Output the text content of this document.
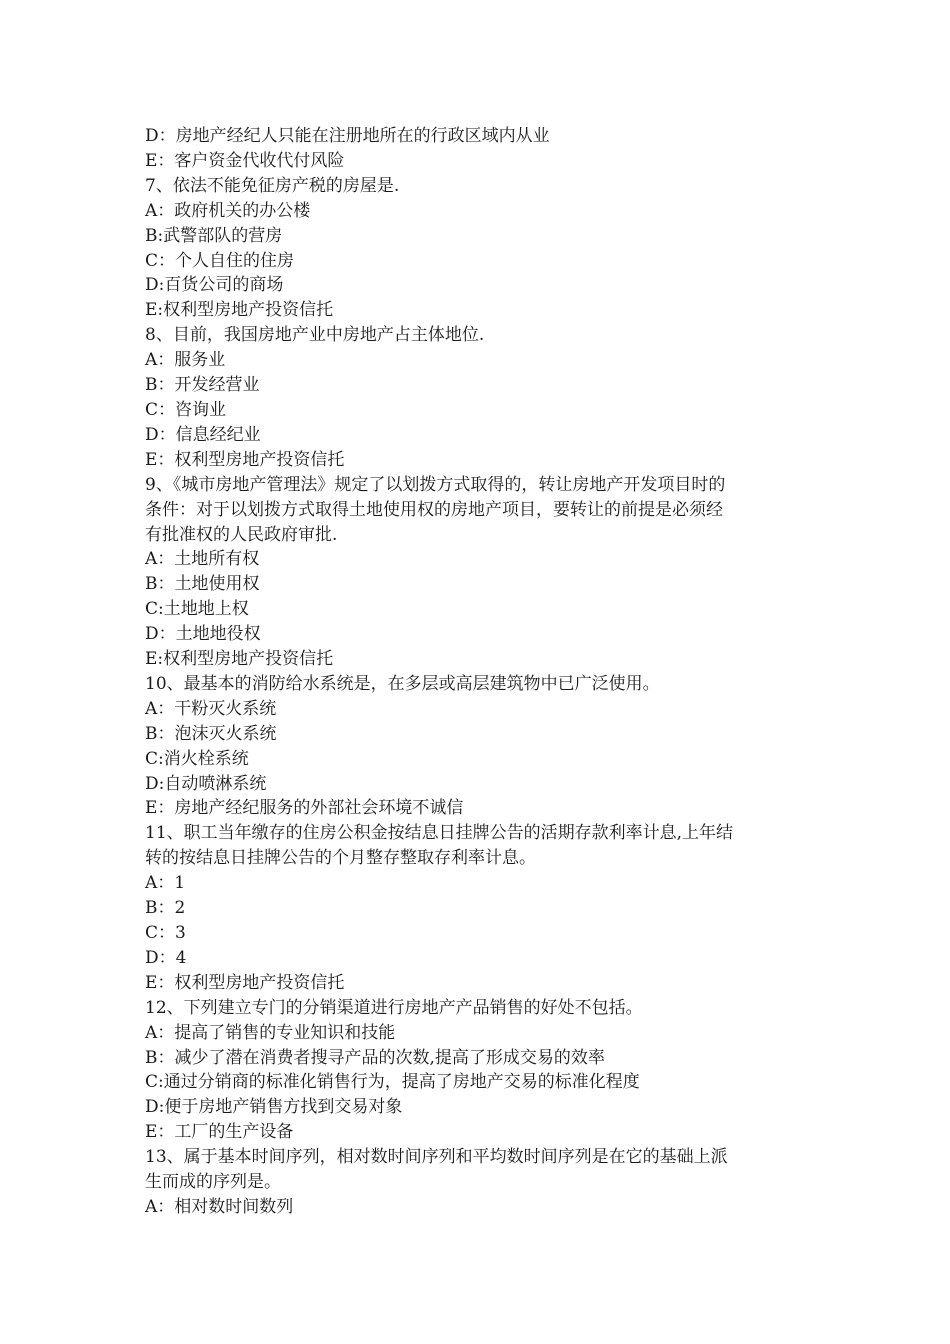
D：房地产经纪人只能在注册地所在的行政区域内从业

E：客户资金代收代付风险

7、依法不能免征房产税的房屋是.

A：政府机关的办公楼

B:武警部队的营房

C：个人自住的住房

D:百货公司的商场

E:权利型房地产投资信托

8、目前，我国房地产业中房地产占主体地位.

A：服务业

B：开发经营业

C：咨询业

D：信息经纪业

E：权利型房地产投资信托

9、《城市房地产管理法》规定了以划拨方式取得的，转让房地产开发项目时的

条件：对于以划拨方式取得土地使用权的房地产项目，要转让的前提是必须经

有批准权的人民政府审批.

A：土地所有权

B：土地使用权

C:土地地上权

D：土地地役权

E:权利型房地产投资信托

10、最基本的消防给水系统是，在多层或高层建筑物中已广泛使用。

A：干粉灭火系统

B：泡沫灭火系统

C:消火栓系统

D:自动喷淋系统

E：房地产经纪服务的外部社会环境不诚信

11、职工当年缴存的住房公积金按结息日挂牌公告的活期存款利率计息,上年结

转的按结息日挂牌公告的个月整存整取存利率计息。

A：1

B：2

C：3

D：4

E：权利型房地产投资信托

12、下列建立专门的分销渠道进行房地产产品销售的好处不包括。

A：提高了销售的专业知识和技能

B：减少了潜在消费者搜寻产品的次数,提高了形成交易的效率

C:通过分销商的标准化销售行为，提高了房地产交易的标准化程度

D:便于房地产销售方找到交易对象

E：工厂的生产设备

13、属于基本时间序列，相对数时间序列和平均数时间序列是在它的基础上派

生而成的序列是。

A：相对数时间数列
